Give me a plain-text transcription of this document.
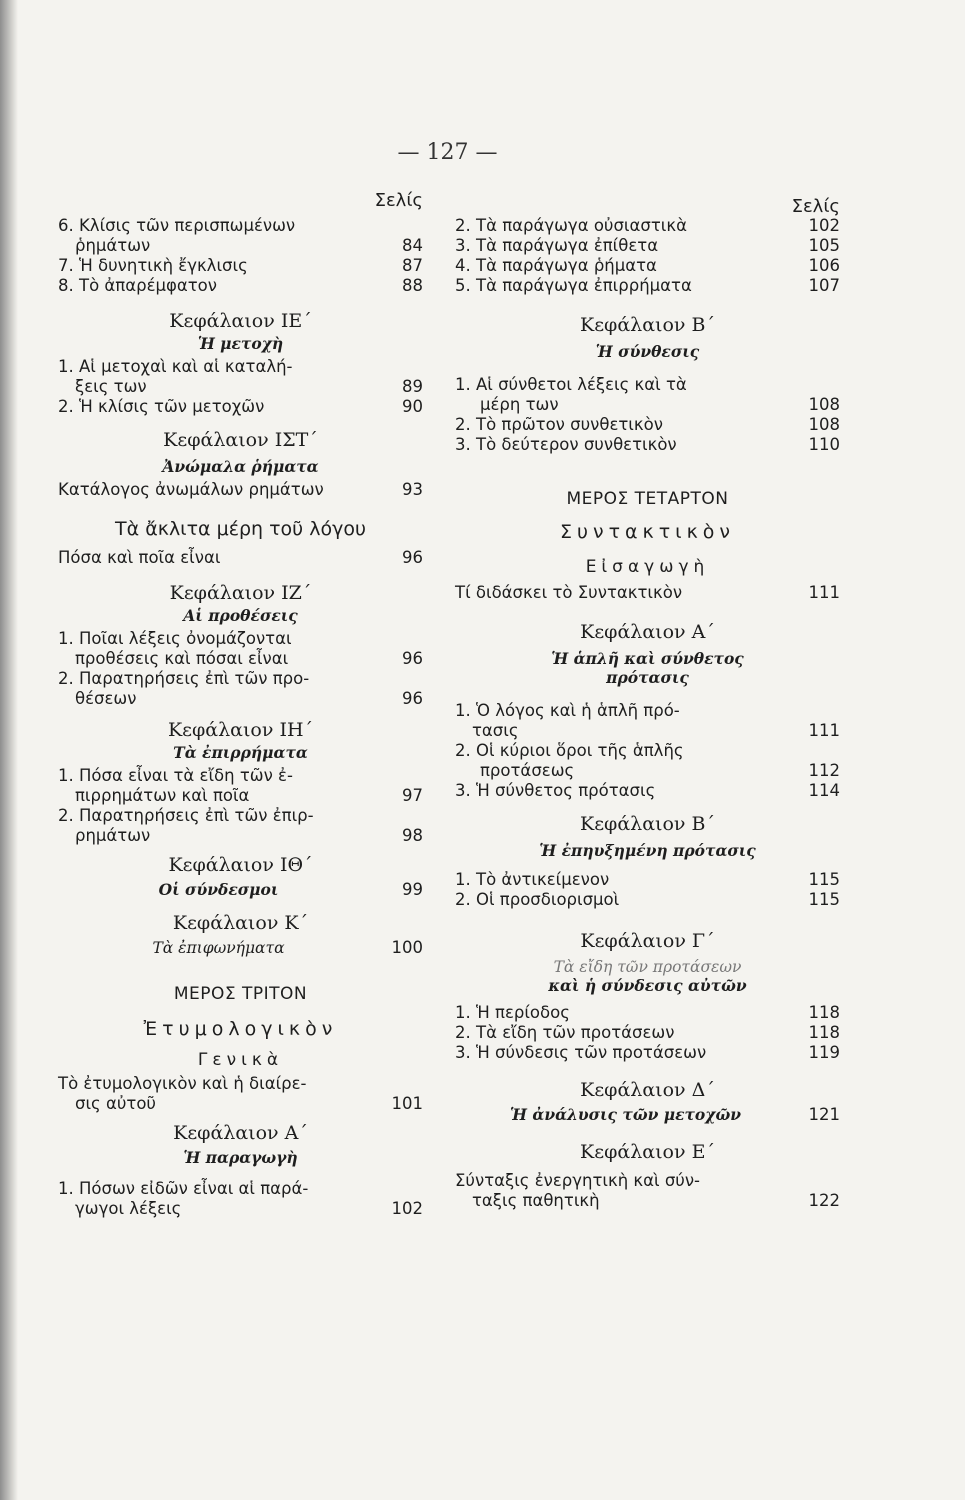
— 127 —
Σελίς
6. Κλίσις τῶν περισπωμένων
ῥημάτων	84
7. Ἡ δυνητικὴ ἔγκλισις	87
8. Τὸ ἀπαρέμφατον	88
Κεφάλαιον ΙΕ΄
Ἡ μετοχὴ
1. Αἱ μετοχαὶ καὶ αἱ καταλή-
ξεις των	89
2. Ἡ κλίσις τῶν μετοχῶν	90
Κεφάλαιον ΙΣΤ΄
Ἀνώμαλα ῥήματα
Κατάλογος ἀνωμάλων ρημάτων	93
Τὰ ἄκλιτα μέρη τοῦ λόγου
Πόσα καὶ ποῖα εἶναι	96
Κεφάλαιον ΙΖ΄
Αἱ προθέσεις
1. Ποῖαι λέξεις ὀνομάζονται
προθέσεις καὶ πόσαι εἶναι	96
2. Παρατηρήσεις ἐπὶ τῶν προ-
θέσεων	96
Κεφάλαιον ΙΗ΄
Τὰ ἐπιρρήματα
1. Πόσα εἶναι τὰ εἴδη τῶν ἐ-
πιρρημάτων καὶ ποῖα	97
2. Παρατηρήσεις ἐπὶ τῶν ἐπιρ-
ρημάτων	98
Κεφάλαιον ΙΘ΄
Οἱ σύνδεσμοι	99
Κεφάλαιον Κ΄
Τὰ ἐπιφωνήματα	100
ΜΕΡΟΣ ΤΡΙΤΟΝ
Ἐτυμολογικὸν
Γενικὰ
Τὸ ἐτυμολογικὸν καὶ ἡ διαίρε-
σις αὐτοῦ	101
Κεφάλαιον Α΄
Ἡ παραγωγὴ
1. Πόσων εἰδῶν εἶναι αἱ παρά-
γωγοι λέξεις	102
Σελίς
2. Τὰ παράγωγα οὐσιαστικὰ	102
3. Τὰ παράγωγα ἐπίθετα	105
4. Τὰ παράγωγα ῥήματα	106
5. Τὰ παράγωγα ἐπιρρήματα	107
Κεφάλαιον Β΄
Ἡ σύνθεσις
1. Αἱ σύνθετοι λέξεις καὶ τὰ
μέρη των	108
2. Τὸ πρῶτον συνθετικὸν	108
3. Τὸ δεύτερον συνθετικὸν	110
ΜΕΡΟΣ ΤΕΤΑΡΤΟΝ
Συντακτικὸν
Εἰσαγωγὴ
Τί διδάσκει τὸ Συντακτικὸν	111
Κεφάλαιον Α΄
Ἡ ἁπλῆ καὶ σύνθετος
πρότασις
1. Ὁ λόγος καὶ ἡ ἁπλῆ πρό-
τασις	111
2. Οἱ κύριοι ὅροι τῆς ἁπλῆς
προτάσεως	112
3. Ἡ σύνθετος πρότασις	114
Κεφάλαιον Β΄
Ἡ ἐπηυξημένη πρότασις
1. Τὸ ἀντικείμενον	115
2. Οἱ προσδιορισμοὶ	115
Κεφάλαιον Γ΄
Τὰ εἴδη τῶν προτάσεων
καὶ ἡ σύνδεσις αὐτῶν
1. Ἡ περίοδος	118
2. Τὰ εἴδη τῶν προτάσεων	118
3. Ἡ σύνδεσις τῶν προτάσεων	119
Κεφάλαιον Δ΄
Ἡ ἀνάλυσις τῶν μετοχῶν	121
Κεφάλαιον Ε΄
Σύνταξις ἐνεργητικὴ καὶ σύν-
ταξις παθητικὴ	122
